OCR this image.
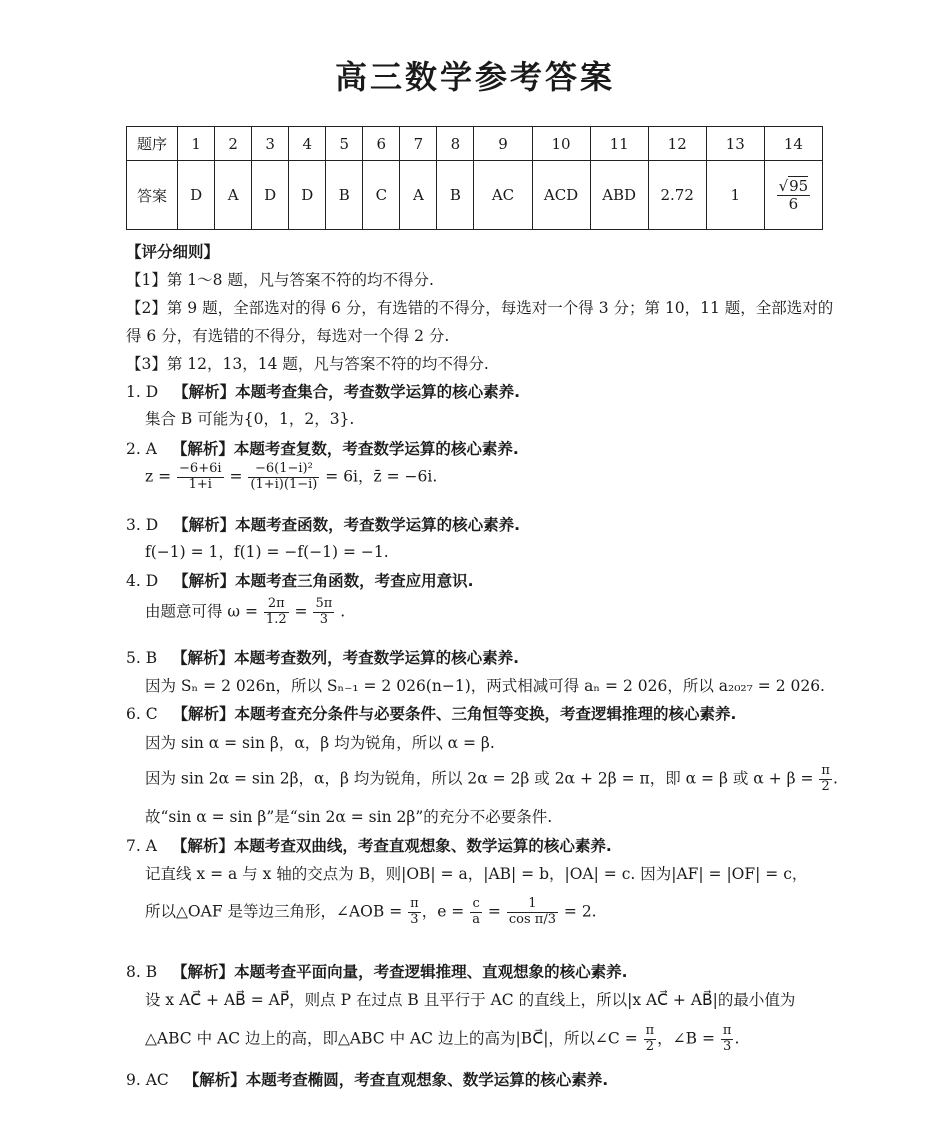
高三数学参考答案
题序	1	2	3	4	5	6	7	8	9	10	11	12	13	14
答案	D	A	D	D	B	C	A	B	AC	ACD	ABD	2.72	1	$\frac{√95}{6}$
【评分细则】
【1】第 1～8 题，凡与答案不符的均不得分.
【2】第 9 题，全部选对的得 6 分，有选错的不得分，每选对一个得 3 分；第 10，11 题，全部选对的
得 6 分，有选错的不得分，每选对一个得 2 分.
【3】第 12，13，14 题，凡与答案不符的均不得分.
1. D 【解析】本题考查集合，考查数学运算的核心素养.
集合 B 可能为{0，1，2，3}.
2. A 【解析】本题考查复数，考查数学运算的核心素养.
$z = \frac{-6+6i}{1+i} = \frac{\text{−6(1−i)²}}{(1+i)(1-i)} = 6i$，z̄ = −6i.
3. D 【解析】本题考查函数，考查数学运算的核心素养.
f(−1) = 1，f(1) = −f(−1) = −1.
4. D 【解析】本题考查三角函数，考查应用意识.
由题意可得 $\omega = \frac{2\pi}{1.2} = \frac{5\pi}{3}$ .
5. B 【解析】本题考查数列，考查数学运算的核心素养.
因为 Sₙ = 2 026n，所以 Sₙ₋₁ = 2 026(n−1)，两式相减可得 aₙ = 2 026，所以 a₂₀₂₇ = 2 026.
6. C 【解析】本题考查充分条件与必要条件、三角恒等变换，考查逻辑推理的核心素养.
因为 sin α = sin β，α，β 均为锐角，所以 α = β.
因为 sin 2α = sin 2β，α，β 均为锐角，所以 2α = 2β 或 2α + 2β = π，即 α = β 或 $\alpha + \beta = \frac{\pi}{2}$ .
故“sin α = sin β”是“sin 2α = sin 2β”的充分不必要条件.
7. A 【解析】本题考查双曲线，考查直观想象、数学运算的核心素养.
记直线 x = a 与 x 轴的交点为 B，则|OB| = a，|AB| = b，|OA| = c. 因为|AF| = |OF| = c，
所以△OAF 是等边三角形，∠AOB = $\frac{\pi}{3}$ ，$e = \frac{c}{a} = \frac{1}{\text{cos π/3}} = 2$.
8. B 【解析】本题考查平面向量，考查逻辑推理、直观想象的核心素养.
设 x AC⃗ + AB⃗ = AP⃗，则点 P 在过点 B 且平行于 AC 的直线上，所以|x AC⃗ + AB⃗|的最小值为
△ABC 中 AC 边上的高，即△ABC 中 AC 边上的高为|BC⃗|，所以∠C = $\frac{\pi}{2}$ ，∠B = $\frac{\pi}{3}$ .
9. AC 【解析】本题考查椭圆，考查直观想象、数学运算的核心素养.
